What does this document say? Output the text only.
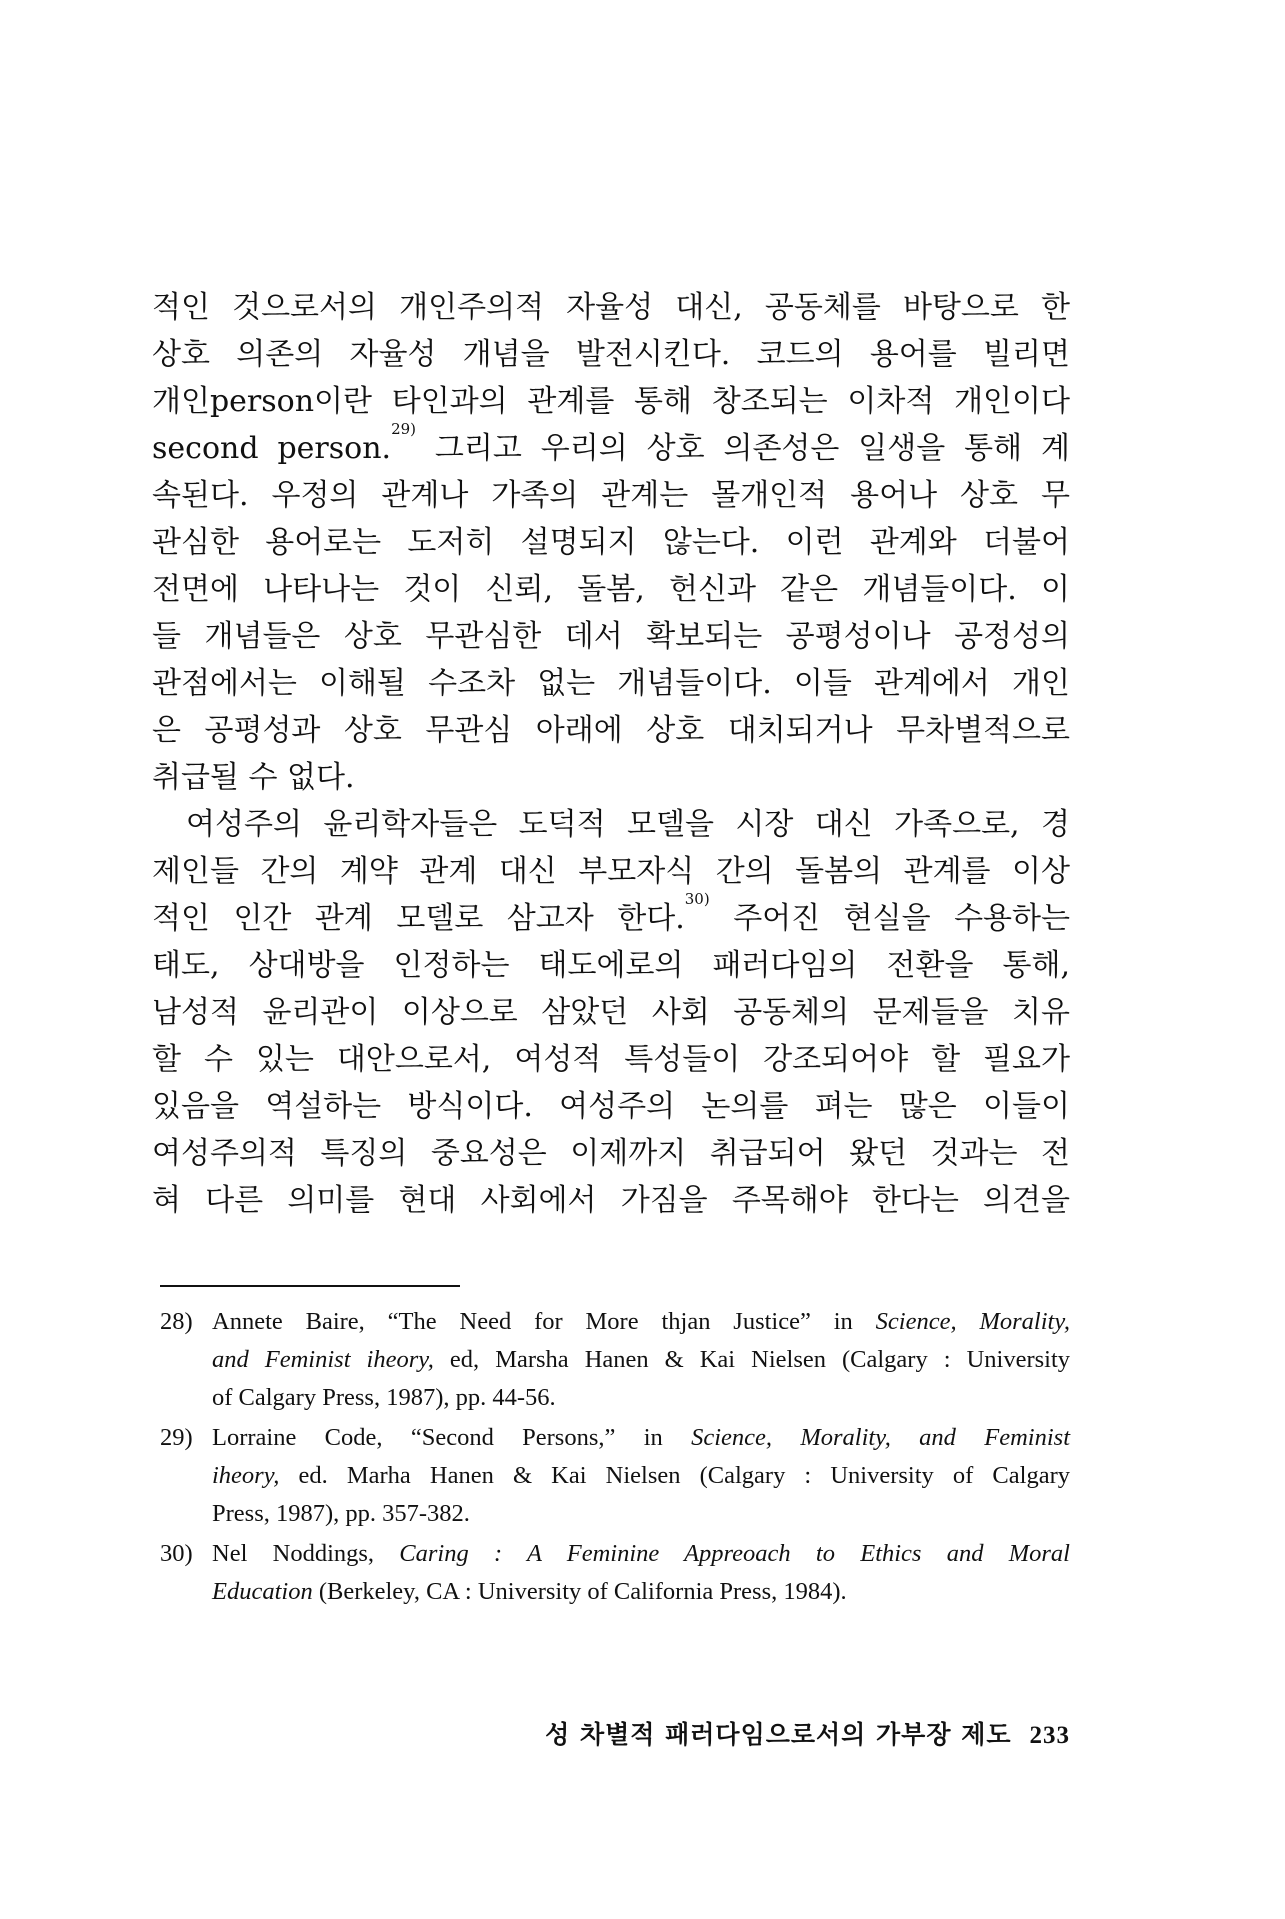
적인 것으로서의 개인주의적 자율성 대신, 공동체를 바탕으로 한
상호 의존의 자율성 개념을 발전시킨다. 코드의 용어를 빌리면
개인person이란 타인과의 관계를 통해 창조되는 이차적 개인이다
second person.$^{29)}$ 그리고 우리의 상호 의존성은 일생을 통해 계
속된다. 우정의 관계나 가족의 관계는 몰개인적 용어나 상호 무
관심한 용어로는 도저히 설명되지 않는다. 이런 관계와 더불어
전면에 나타나는 것이 신뢰, 돌봄, 헌신과 같은 개념들이다. 이
들 개념들은 상호 무관심한 데서 확보되는 공평성이나 공정성의
관점에서는 이해될 수조차 없는 개념들이다. 이들 관계에서 개인
은 공평성과 상호 무관심 아래에 상호 대치되거나 무차별적으로
취급될 수 없다.

여성주의 윤리학자들은 도덕적 모델을 시장 대신 가족으로, 경
제인들 간의 계약 관계 대신 부모자식 간의 돌봄의 관계를 이상
적인 인간 관계 모델로 삼고자 한다.$^{30)}$ 주어진 현실을 수용하는
태도, 상대방을 인정하는 태도에로의 패러다임의 전환을 통해,
남성적 윤리관이 이상으로 삼았던 사회 공동체의 문제들을 치유
할 수 있는 대안으로서, 여성적 특성들이 강조되어야 할 필요가
있음을 역설하는 방식이다. 여성주의 논의를 펴는 많은 이들이
여성주의적 특징의 중요성은 이제까지 취급되어 왔던 것과는 전
혀 다른 의미를 현대 사회에서 가짐을 주목해야 한다는 의견을

28) Annete Baire, “The Need for More thjan Justice” in Science, Morality,
and Feminist iheory, ed, Marsha Hanen & Kai Nielsen (Calgary : University
of Calgary Press, 1987), pp. 44-56.
29) Lorraine Code, “Second Persons,” in Science, Morality, and Feminist
iheory, ed. Marha Hanen & Kai Nielsen (Calgary : University of Calgary
Press, 1987), pp. 357-382.
30) Nel Noddings, Caring : A Feminine Appreoach to Ethics and Moral
Education (Berkeley, CA : University of California Press, 1984).
성 차별적 패러다임으로서의 가부장 제도 233
